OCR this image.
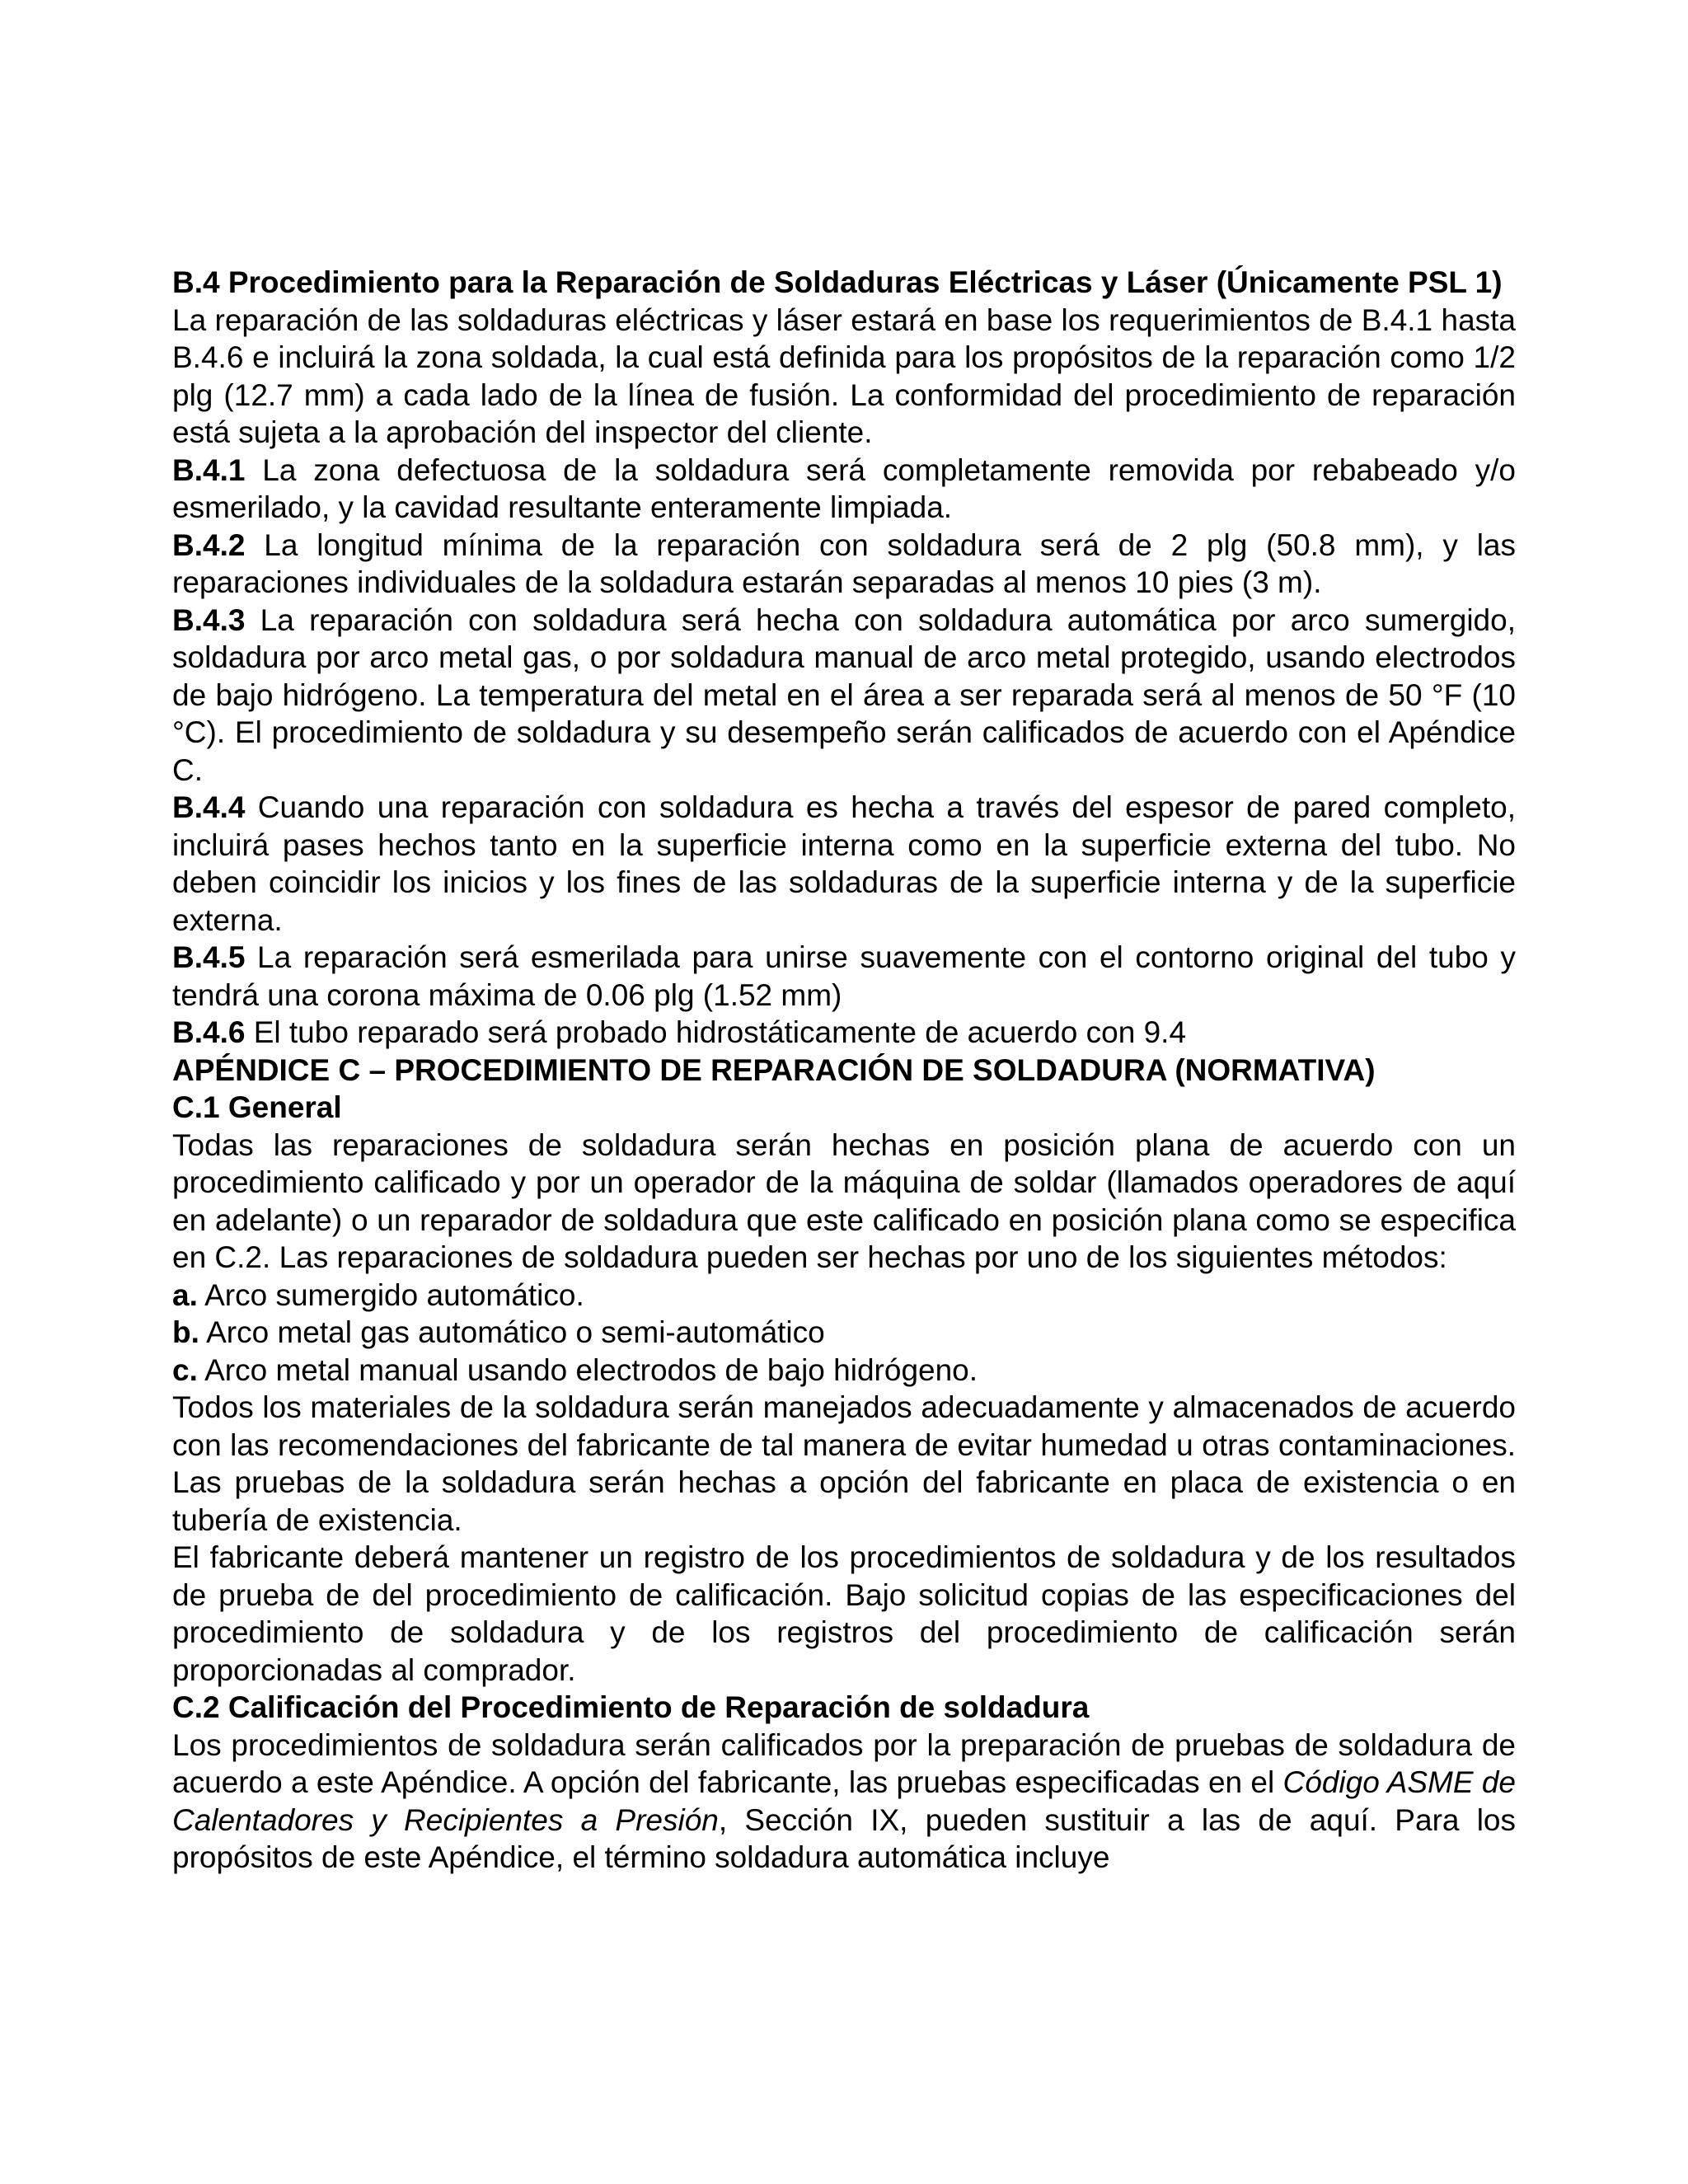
B.4 Procedimiento para la Reparación de Soldaduras Eléctricas y Láser (Únicamente PSL 1)

La reparación de las soldaduras eléctricas y láser estará en base los requerimientos de B.4.1 hasta B.4.6 e incluirá la zona soldada, la cual está definida para los propósitos de la reparación como 1/2 plg (12.7 mm) a cada lado de la línea de fusión. La conformidad del procedimiento de reparación está sujeta a la aprobación del inspector del cliente.

B.4.1 La zona defectuosa de la soldadura será completamente removida por rebabeado y/o esmerilado, y la cavidad resultante enteramente limpiada.

B.4.2 La longitud mínima de la reparación con soldadura será de 2 plg (50.8 mm), y las reparaciones individuales de la soldadura estarán separadas al menos 10 pies (3 m).

B.4.3 La reparación con soldadura será hecha con soldadura automática por arco sumergido, soldadura por arco metal gas, o por soldadura manual de arco metal protegido, usando electrodos de bajo hidrógeno. La temperatura del metal en el área a ser reparada será al menos de 50 °F (10 °C). El procedimiento de soldadura y su desempeño serán calificados de acuerdo con el Apéndice C.

B.4.4 Cuando una reparación con soldadura es hecha a través del espesor de pared completo, incluirá pases hechos tanto en la superficie interna como en la superficie externa del tubo. No deben coincidir los inicios y los fines de las soldaduras de la superficie interna y de la superficie externa.

B.4.5 La reparación será esmerilada para unirse suavemente con el contorno original del tubo y tendrá una corona máxima de 0.06 plg (1.52 mm)

B.4.6 El tubo reparado será probado hidrostáticamente de acuerdo con 9.4

APÉNDICE C – PROCEDIMIENTO DE REPARACIÓN DE SOLDADURA (NORMATIVA)

C.1 General

Todas las reparaciones de soldadura serán hechas en posición plana de acuerdo con un procedimiento calificado y por un operador de la máquina de soldar (llamados operadores de aquí en adelante) o un reparador de soldadura que este calificado en posición plana como se especifica en C.2. Las reparaciones de soldadura pueden ser hechas por uno de los siguientes métodos:

a. Arco sumergido automático.

b. Arco metal gas automático o semi-automático

c. Arco metal manual usando electrodos de bajo hidrógeno.

Todos los materiales de la soldadura serán manejados adecuadamente y almacenados de acuerdo con las recomendaciones del fabricante de tal manera de evitar humedad u otras contaminaciones. Las pruebas de la soldadura serán hechas a opción del fabricante en placa de existencia o en tubería de existencia.

El fabricante deberá mantener un registro de los procedimientos de soldadura y de los resultados de prueba de del procedimiento de calificación. Bajo solicitud copias de las especificaciones del procedimiento de soldadura y de los registros del procedimiento de calificación serán proporcionadas al comprador.

C.2 Calificación del Procedimiento de Reparación de soldadura

Los procedimientos de soldadura serán calificados por la preparación de pruebas de soldadura de acuerdo a este Apéndice. A opción del fabricante, las pruebas especificadas en el Código ASME de Calentadores y Recipientes a Presión, Sección IX, pueden sustituir a las de aquí. Para los propósitos de este Apéndice, el término soldadura automática incluye
